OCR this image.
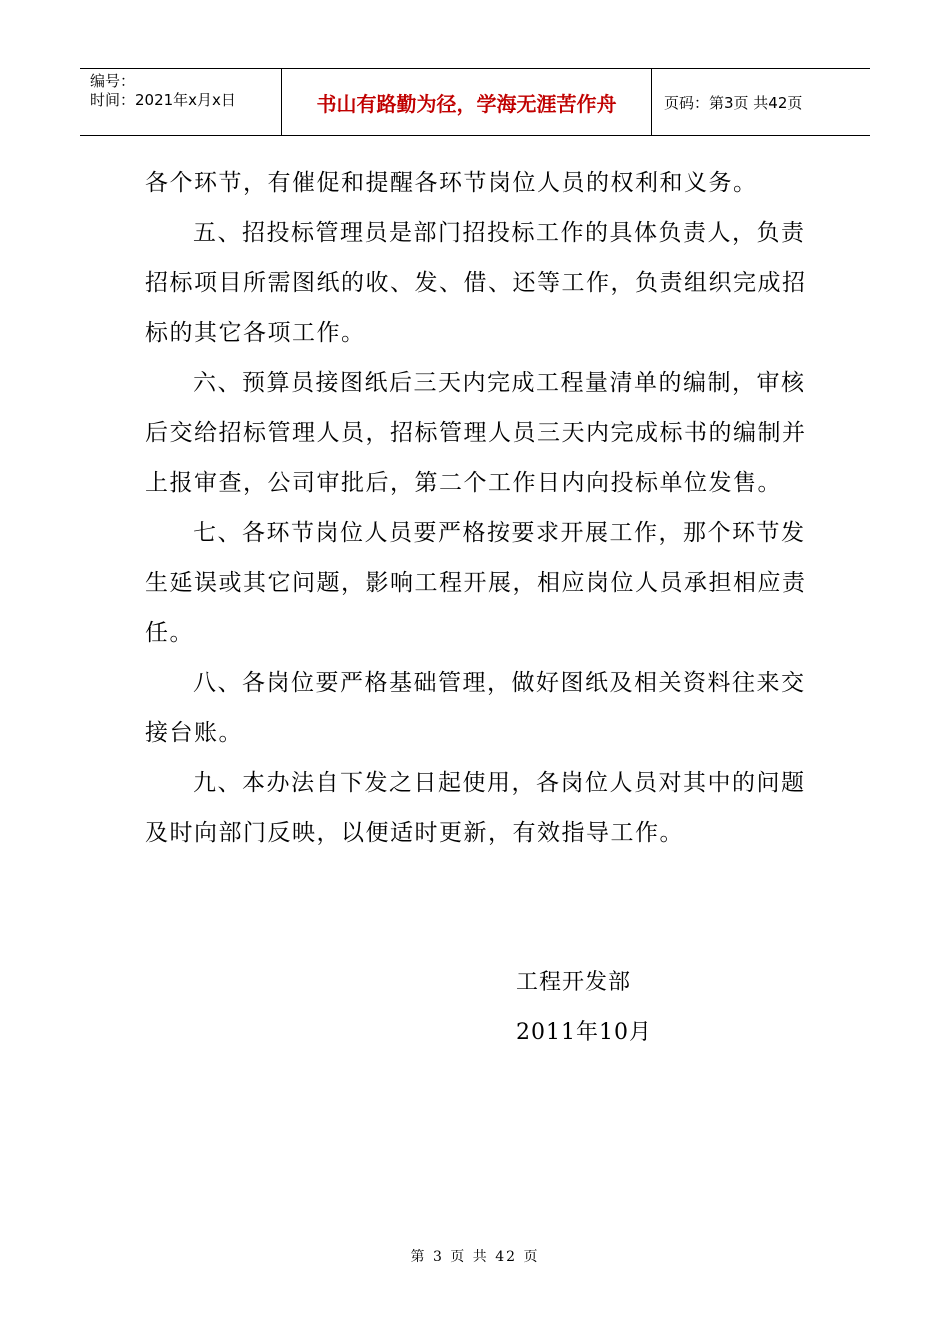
编号：
时间：2021年x月x日	书山有路勤为径，学海无涯苦作舟	页码：第3页 共42页

各个环节，有催促和提醒各环节岗位人员的权利和义务。

五、招投标管理员是部门招投标工作的具体负责人，负责招标项目所需图纸的收、发、借、还等工作，负责组织完成招标的其它各项工作。

六、预算员接图纸后三天内完成工程量清单的编制，审核后交给招标管理人员，招标管理人员三天内完成标书的编制并上报审查，公司审批后，第二个工作日内向投标单位发售。

七、各环节岗位人员要严格按要求开展工作，那个环节发生延误或其它问题，影响工程开展，相应岗位人员承担相应责任。

八、各岗位要严格基础管理，做好图纸及相关资料往来交接台账。

九、本办法自下发之日起使用，各岗位人员对其中的问题及时向部门反映，以便适时更新，有效指导工作。

工程开发部
2011年10月
第 3 页 共 42 页
